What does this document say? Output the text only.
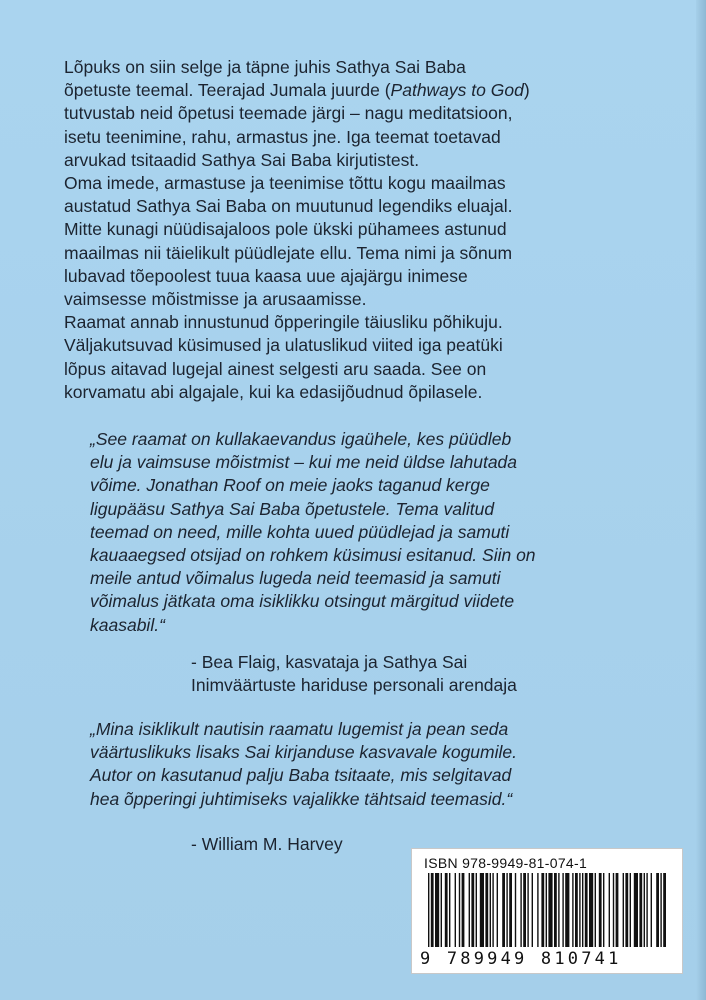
Lõpuks on siin selge ja täpne juhis Sathya Sai Baba
õpetuste teemal. Teerajad Jumala juurde (Pathways to God)
tutvustab neid õpetusi teemade järgi – nagu meditatsioon,
isetu teenimine, rahu, armastus jne. Iga teemat toetavad
arvukad tsitaadid Sathya Sai Baba kirjutistest.

Oma imede, armastuse ja teenimise tõttu kogu maailmas
austatud Sathya Sai Baba on muutunud legendiks eluajal.
Mitte kunagi nüüdisajaloos pole ükski pühamees astunud
maailmas nii täielikult püüdlejate ellu. Tema nimi ja sõnum
lubavad tõepoolest tuua kaasa uue ajajärgu inimese
vaimsesse mõistmisse ja arusaamisse.

Raamat annab innustunud õpperingile täiusliku põhikuju.
Väljakutsuvad küsimused ja ulatuslikud viited iga peatüki
lõpus aitavad lugejal ainest selgesti aru saada. See on
korvamatu abi algajale, kui ka edasijõudnud õpilasele.

„See raamat on kullakaevandus igaühele, kes püüdleb
elu ja vaimsuse mõistmist – kui me neid üldse lahutada
võime. Jonathan Roof on meie jaoks taganud kerge
ligupääsu Sathya Sai Baba õpetustele. Tema valitud
teemad on need, mille kohta uued püüdlejad ja samuti
kauaaegsed otsijad on rohkem küsimusi esitanud. Siin on
meile antud võimalus lugeda neid teemasid ja samuti
võimalus jätkata oma isiklikku otsingut märgitud viidete
kaasabil.“

- Bea Flaig, kasvataja ja Sathya Sai
Inimväärtuste hariduse personali arendaja

„Mina isiklikult nautisin raamatu lugemist ja pean seda
väärtuslikuks lisaks Sai kirjanduse kasvavale kogumile.
Autor on kasutanud palju Baba tsitaate, mis selgitavad
hea õpperingi juhtimiseks vajalikke tähtsaid teemasid.“

- William M. Harvey

ISBN 978-9949-81-074-1
9 789949 810741
